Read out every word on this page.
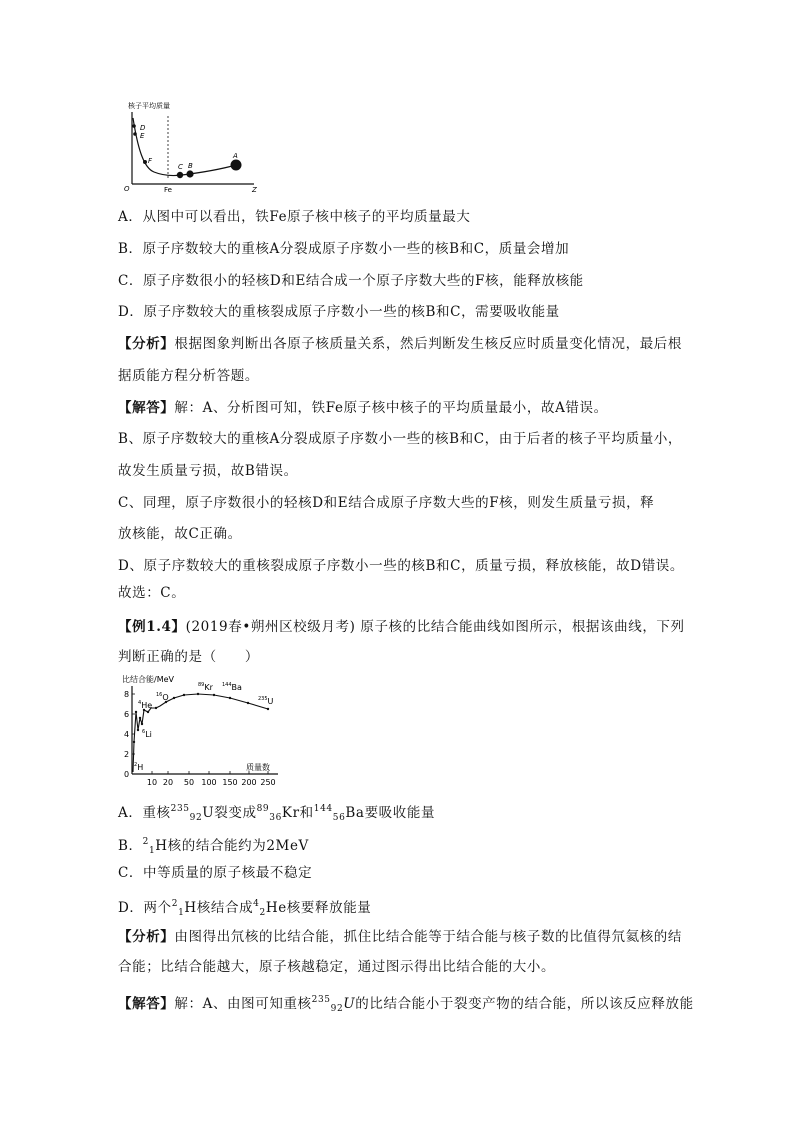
核子平均质量
D
E
F
C B
A
O	Fe	Z
A．从图中可以看出，铁Fe原子核中核子的平均质量最大
B．原子序数较大的重核A分裂成原子序数小一些的核B和C，质量会增加
C．原子序数很小的轻核D和E结合成一个原子序数大些的F核，能释放核能
D．原子序数较大的重核裂成原子序数小一些的核B和C，需要吸收能量
【分析】根据图象判断出各原子核质量关系，然后判断发生核反应时质量变化情况，最后根
据质能方程分析答题。
【解答】解：A、分析图可知，铁Fe原子核中核子的平均质量最小，故A错误。
B、原子序数较大的重核A分裂成原子序数小一些的核B和C，由于后者的核子平均质量小，
故发生质量亏损，故B错误。
C、同理，原子序数很小的轻核D和E结合成原子序数大些的F核，则发生质量亏损，释
放核能，故C正确。
D、原子序数较大的重核裂成原子序数小一些的核B和C，质量亏损，释放核能，故D错误。
故选：C。
【例1.4】(2019春•朔州区校级月考) 原子核的比结合能曲线如图所示，根据该曲线，下列
判断正确的是（　　）
比结合能/MeV
0
2
4
6
8
10 20 50 100 150 200 250
$^2$H
$^6$Li
$^4$He
$^{16}$O
$^{89}$Kr $^{144}$Ba
$^{235}$U
质量数
A．重核$^{235}_{92}$U裂变成$^{89}_{36}$Kr和$^{144}_{56}$Ba要吸收能量
B．$^2_1$H核的结合能约为2MeV
C．中等质量的原子核最不稳定
D．两个$^2_1$H核结合成$^4_2$He核要释放能量
【分析】由图得出氘核的比结合能，抓住比结合能等于结合能与核子数的比值得氘氦核的结
合能；比结合能越大，原子核越稳定，通过图示得出比结合能的大小。
【解答】解：A、由图可知重核$^{235}_{92}$U的比结合能小于裂变产物的结合能，所以该反应释放能
